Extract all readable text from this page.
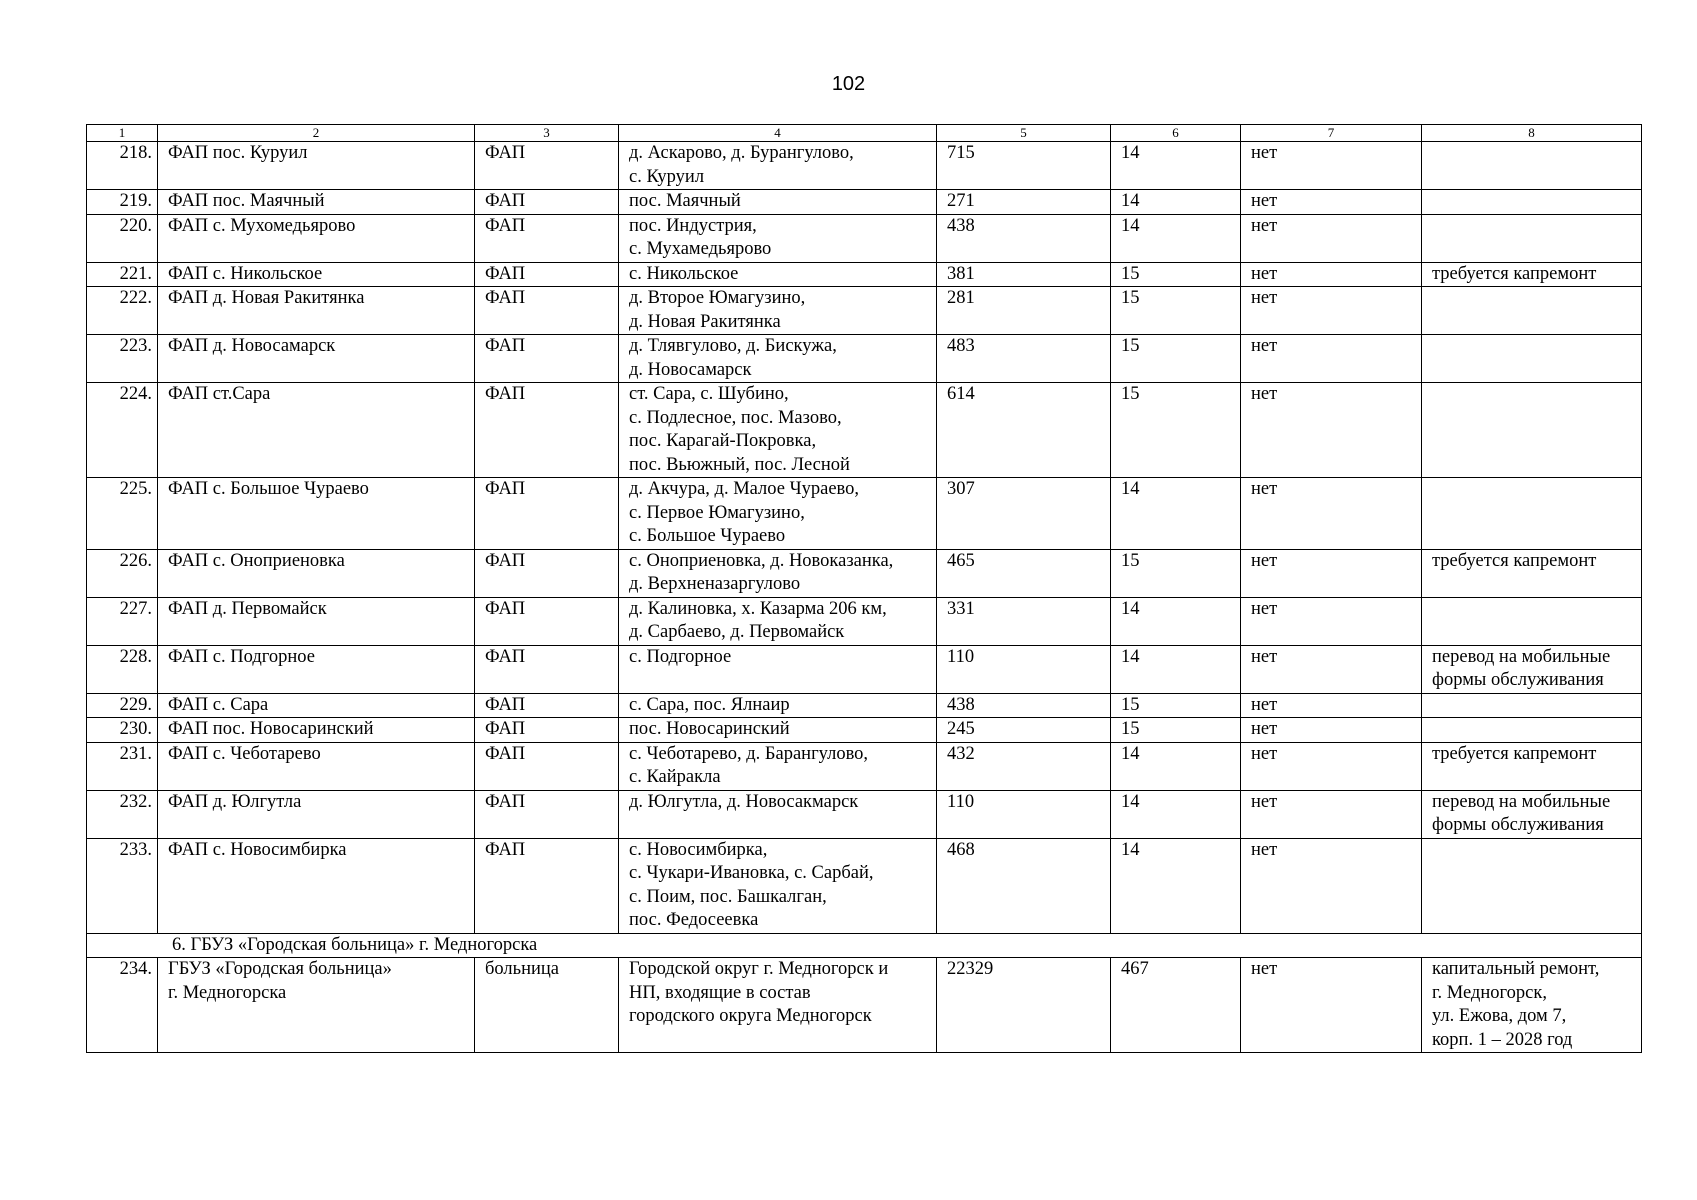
102
1	2	3	4	5	6	7	8
218.	ФАП пос. Куруил	ФАП	д. Аскарово, д. Бурангулово,
с. Куруил	715	14	нет	
219.	ФАП пос. Маячный	ФАП	пос. Маячный	271	14	нет	
220.	ФАП с. Мухомедьярово	ФАП	пос. Индустрия,
с. Мухамедьярово	438	14	нет	
221.	ФАП с. Никольское	ФАП	с. Никольское	381	15	нет	требуется капремонт
222.	ФАП д. Новая Ракитянка	ФАП	д. Второе Юмагузино,
д. Новая Ракитянка	281	15	нет	
223.	ФАП д. Новосамарск	ФАП	д. Тлявгулово, д. Бискужа,
д. Новосамарск	483	15	нет	
224.	ФАП ст.Сара	ФАП	ст. Сара, с. Шубино,
с. Подлесное, пос. Мазово,
пос. Карагай-Покровка,
пос. Вьюжный, пос. Лесной	614	15	нет	
225.	ФАП с. Большое Чураево	ФАП	д. Акчура, д. Малое Чураево,
с. Первое Юмагузино,
с. Большое Чураево	307	14	нет	
226.	ФАП с. Оноприеновка	ФАП	с. Оноприеновка, д. Новоказанка,
д. Верхненазаргулово	465	15	нет	требуется капремонт
227.	ФАП д. Первомайск	ФАП	д. Калиновка, х. Казарма 206 км,
д. Сарбаево, д. Первомайск	331	14	нет	
228.	ФАП с. Подгорное	ФАП	с. Подгорное	110	14	нет	перевод на мобильные
формы обслуживания
229.	ФАП с. Сара	ФАП	с. Сара, пос. Ялнаир	438	15	нет	
230.	ФАП пос. Новосаринский	ФАП	пос. Новосаринский	245	15	нет	
231.	ФАП с. Чеботарево	ФАП	с. Чеботарево, д. Барангулово,
с. Кайракла	432	14	нет	требуется капремонт
232.	ФАП д. Юлгутла	ФАП	д. Юлгутла, д. Новосакмарск	110	14	нет	перевод на мобильные
формы обслуживания
233.	ФАП с. Новосимбирка	ФАП	с. Новосимбирка,
с. Чукари-Ивановка, с. Сарбай,
с. Поим, пос. Башкалган,
пос. Федосеевка	468	14	нет	
6. ГБУЗ «Городская больница» г. Медногорска							
234.	ГБУЗ «Городская больница»
г. Медногорска	больница	Городской округ г. Медногорск и
НП, входящие в состав
городского округа Медногорск	22329	467	нет	капитальный ремонт,
г. Медногорск,
ул. Ежова, дом 7,
корп. 1 – 2028 год
